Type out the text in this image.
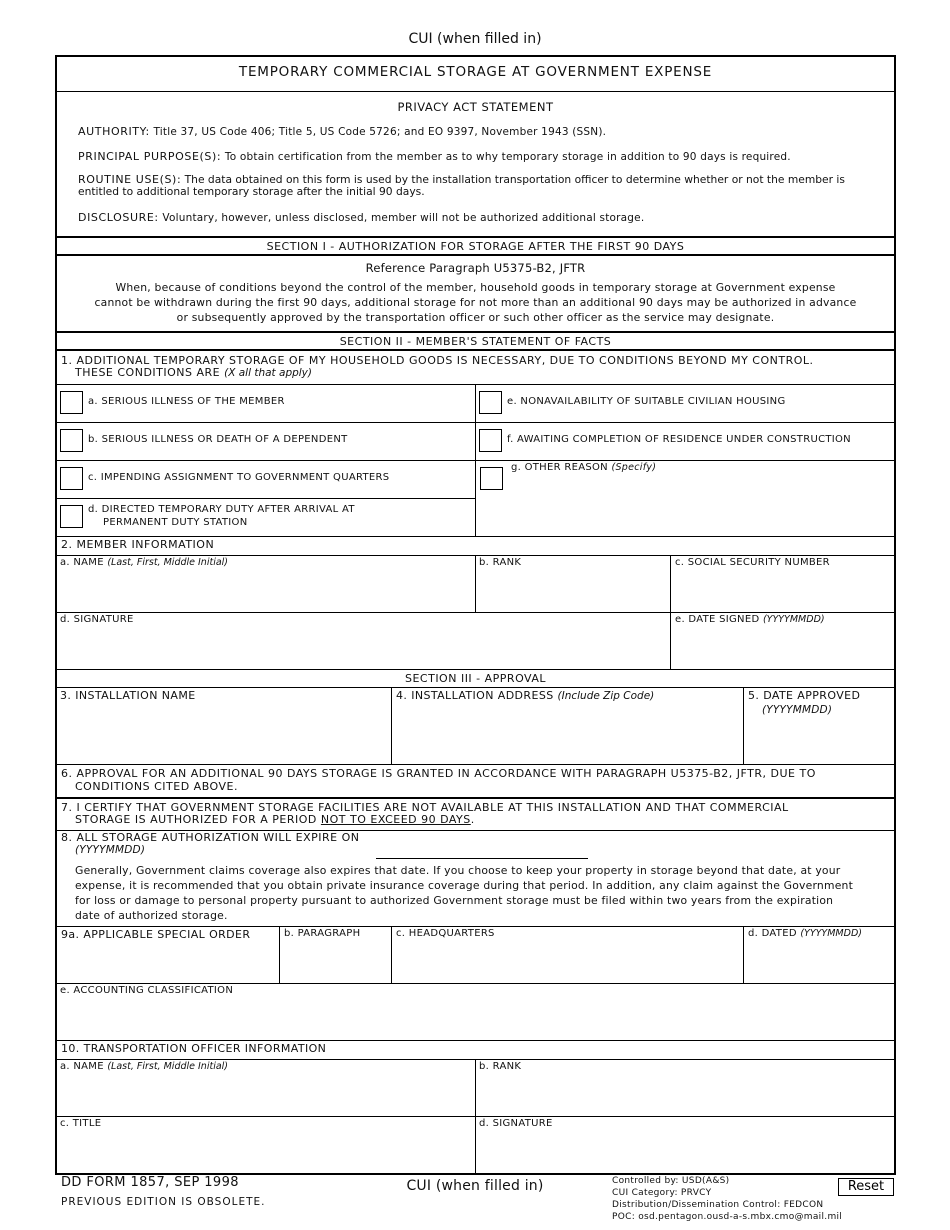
CUI (when filled in)
TEMPORARY COMMERCIAL STORAGE AT GOVERNMENT EXPENSE
PRIVACY ACT STATEMENT
AUTHORITY: Title 37, US Code 406; Title 5, US Code 5726; and EO 9397, November 1943 (SSN).
PRINCIPAL PURPOSE(S): To obtain certification from the member as to why temporary storage in addition to 90 days is required.
ROUTINE USE(S): The data obtained on this form is used by the installation transportation officer to determine whether or not the member is entitled to additional temporary storage after the initial 90 days.
DISCLOSURE: Voluntary, however, unless disclosed, member will not be authorized additional storage.
SECTION I - AUTHORIZATION FOR STORAGE AFTER THE FIRST 90 DAYS
Reference Paragraph U5375-B2, JFTR
When, because of conditions beyond the control of the member, household goods in temporary storage at Government expense
cannot be withdrawn during the first 90 days, additional storage for not more than an additional 90 days may be authorized in advance
or subsequently approved by the transportation officer or such other officer as the service may designate.
SECTION II - MEMBER'S STATEMENT OF FACTS
1. ADDITIONAL TEMPORARY STORAGE OF MY HOUSEHOLD GOODS IS NECESSARY, DUE TO CONDITIONS BEYOND MY CONTROL.
THESE CONDITIONS ARE (X all that apply)
a. SERIOUS ILLNESS OF THE MEMBER
b. SERIOUS ILLNESS OR DEATH OF A DEPENDENT
c. IMPENDING ASSIGNMENT TO GOVERNMENT QUARTERS
d. DIRECTED TEMPORARY DUTY AFTER ARRIVAL AT
PERMANENT DUTY STATION
e. NONAVAILABILITY OF SUITABLE CIVILIAN HOUSING
f. AWAITING COMPLETION OF RESIDENCE UNDER CONSTRUCTION
g. OTHER REASON (Specify)
2. MEMBER INFORMATION
a. NAME (Last, First, Middle Initial)	b. RANK	c. SOCIAL SECURITY NUMBER
d. SIGNATURE	e. DATE SIGNED (YYYYMMDD)
SECTION III - APPROVAL
3. INSTALLATION NAME	4. INSTALLATION ADDRESS (Include Zip Code)	5. DATE APPROVED
(YYYYMMDD)
6. APPROVAL FOR AN ADDITIONAL 90 DAYS STORAGE IS GRANTED IN ACCORDANCE WITH PARAGRAPH U5375-B2, JFTR, DUE TO
CONDITIONS CITED ABOVE.
7. I CERTIFY THAT GOVERNMENT STORAGE FACILITIES ARE NOT AVAILABLE AT THIS INSTALLATION AND THAT COMMERCIAL
STORAGE IS AUTHORIZED FOR A PERIOD NOT TO EXCEED 90 DAYS.
8. ALL STORAGE AUTHORIZATION WILL EXPIRE ON
(YYYYMMDD)
Generally, Government claims coverage also expires that date. If you choose to keep your property in storage beyond that date, at your
expense, it is recommended that you obtain private insurance coverage during that period. In addition, any claim against the Government
for loss or damage to personal property pursuant to authorized Government storage must be filed within two years from the expiration
date of authorized storage.
9a. APPLICABLE SPECIAL ORDER	b. PARAGRAPH	c. HEADQUARTERS	d. DATED (YYYYMMDD)
e. ACCOUNTING CLASSIFICATION
10. TRANSPORTATION OFFICER INFORMATION
a. NAME (Last, First, Middle Initial)	b. RANK
c. TITLE	d. SIGNATURE
DD FORM 1857, SEP 1998
PREVIOUS EDITION IS OBSOLETE.
CUI (when filled in)	Controlled by: USD(A&S)
CUI Category: PRVCY
Distribution/Dissemination Control: FEDCON
POC: osd.pentagon.ousd-a-s.mbx.cmo@mail.mil
Reset
